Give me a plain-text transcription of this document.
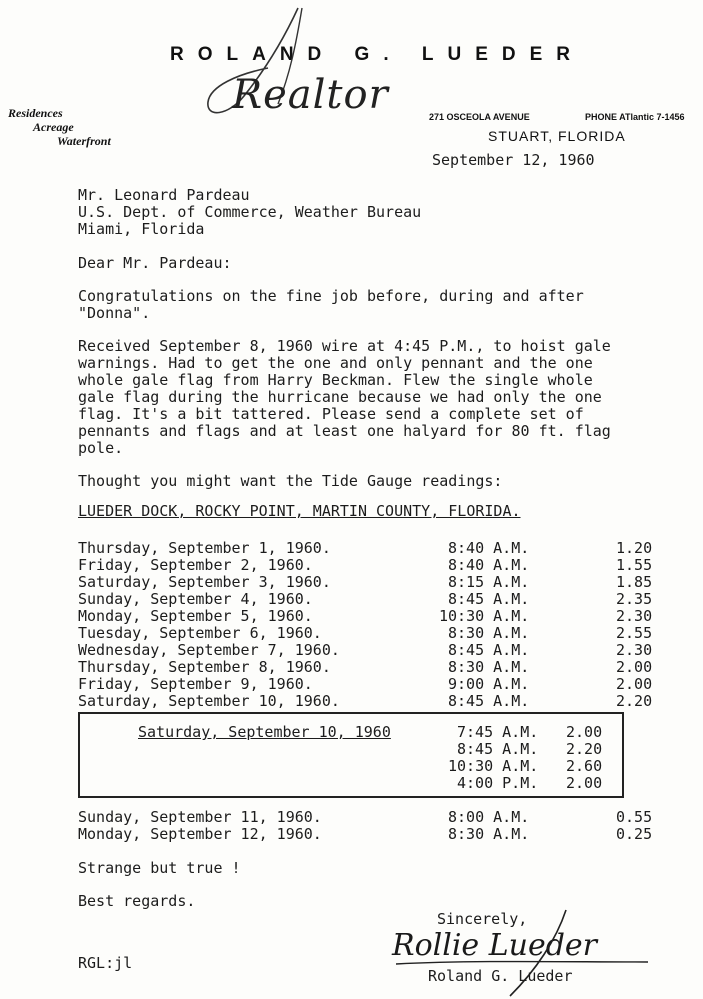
ROLAND G. LUEDER
Realtor
Residences
Acreage
Waterfront
271 OSCEOLA AVENUE	PHONE ATlantic 7-1456
STUART, FLORIDA
September 12, 1960
Mr. Leonard Pardeau
U.S. Dept. of Commerce, Weather Bureau
Miami, Florida
Dear Mr. Pardeau:
Congratulations on the fine job before, during and after
"Donna".
Received September 8, 1960 wire at 4:45 P.M., to hoist gale
warnings. Had to get the one and only pennant and the one
whole gale flag from Harry Beckman. Flew the single whole
gale flag during the hurricane because we had only the one
flag. It's a bit tattered. Please send a complete set of
pennants and flags and at least one halyard for 80 ft. flag
pole.
Thought you might want the Tide Gauge readings:
LUEDER DOCK, ROCKY POINT, MARTIN COUNTY, FLORIDA.
Thursday, September 1, 1960.	8:40 A.M.	1.20
Friday, September 2, 1960.	8:40 A.M.	1.55
Saturday, September 3, 1960.	8:15 A.M.	1.85
Sunday, September 4, 1960.	8:45 A.M.	2.35
Monday, September 5, 1960.	10:30 A.M.	2.30
Tuesday, September 6, 1960.	8:30 A.M.	2.55
Wednesday, September 7, 1960.	8:45 A.M.	2.30
Thursday, September 8, 1960.	8:30 A.M.	2.00
Friday, September 9, 1960.	9:00 A.M.	2.00
Saturday, September 10, 1960.	8:45 A.M.	2.20
Saturday, September 10, 1960	7:45 A.M. 2.00
8:45 A.M. 2.20
10:30 A.M. 2.60
4:00 P.M. 2.00
Sunday, September 11, 1960.	8:00 A.M.	0.55
Monday, September 12, 1960.	8:30 A.M.	0.25
Strange but true !
Best regards.
Sincerely,
Rollie Lueder
Roland G. Lueder
RGL:jl
